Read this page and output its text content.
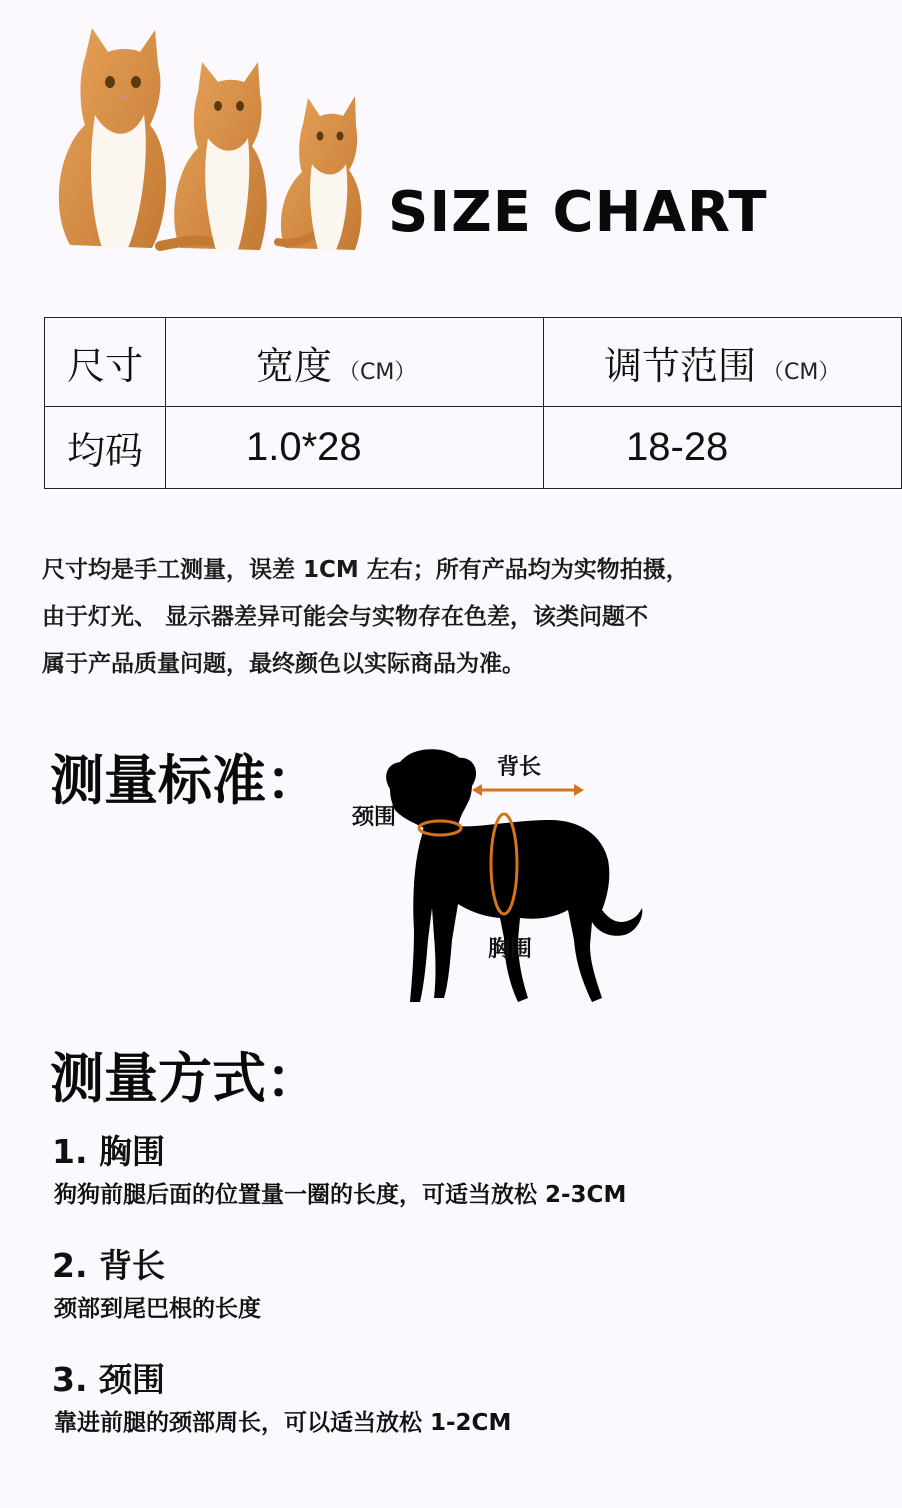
SIZE CHART
尺寸	宽度 （CM）	调节范围 （CM）
均码	1.0*28	18-28
尺寸均是手工测量，误差 1CM 左右；所有产品均为实物拍摄，
由于灯光、 显示器差异可能会与实物存在色差，该类问题不
属于产品质量问题，最终颜色以实际商品为准。
测量标准：	背长
颈围
胸围
测量方式：
1. 胸围
狗狗前腿后面的位置量一圈的长度，可适当放松 2-3CM
2. 背长
颈部到尾巴根的长度
3. 颈围
靠进前腿的颈部周长，可以适当放松 1-2CM
